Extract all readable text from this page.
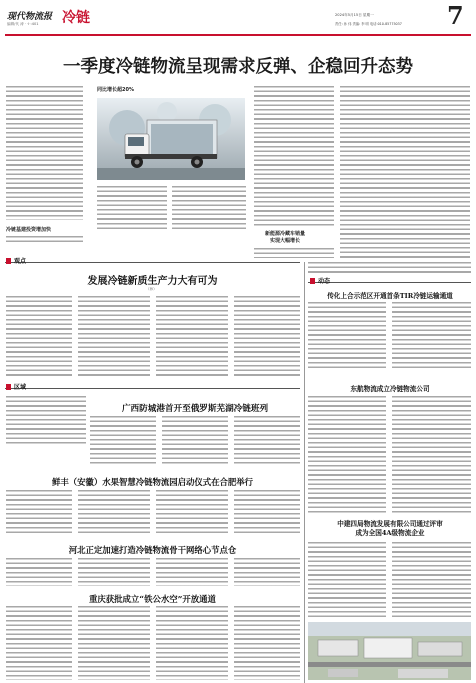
现代物流报
编辑/代 涛 · ·I·:401 冷链	2024年5月15日 星期一
责任: 孙 伟 责编: 李 明 电话:010-85775037 7
一季度冷链物流呈现需求反弹、企稳回升态势
冷链基建投资增加快
同比增长超20%
新能源冷藏车销量
实现大幅增长
观点
发展冷链新质生产力大有可为
（孙）
动态
传化上合示范区开通首条TIR冷链运输通道
东航物流成立冷链物流公司
中建四局物流发展有限公司通过评审
成为全国4A级物流企业
区域
广西防城港首开至俄罗斯芜湖冷链班列
鲜丰（安徽）水果智慧冷链物流园启动仪式在合肥举行
河北正定加速打造冷链物流骨干网络心节点仓
重庆获批成立“铁公水空”开放通道
